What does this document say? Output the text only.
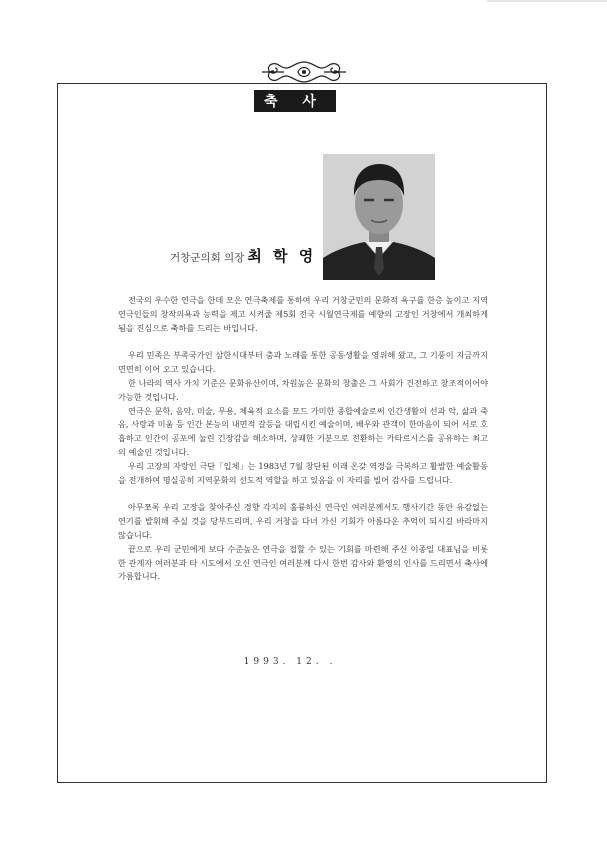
축 사
거창군의회 의장 최 학 영

전국의 우수한 연극을 한데 모은 연극축제를 통하여 우리 거창군민의 문화적 욕구를 한층 높이고 지역 연극인들의 창작의욕과 능력을 제고 시켜줄 제5회 전국 시월연극제를 예향의 고장인 거창에서 개최하게 됨을 진심으로 축하를 드리는 바입니다.

우리 민족은 부족국가인 삼한시대부터 춤과 노래를 통한 공동생활을 영위해 왔고, 그 기풍이 지금까지 면면히 이어 오고 있습니다.

한 나라의 역사 가치 기준은 문화유산이며, 차원높은 문화의 창출은 그 사회가 건전하고 창조적이어야 가능한 것입니다.

연극은 문학, 음악, 미술, 무용, 체육적 요소를 모드 가미한 종합예술로써 인간생활의 선과 악, 삶과 죽음, 사랑과 미움 등 인간 본능의 내면적 갈등을 대립시킨 예술이며, 배우와 관객이 한마음이 되어 서로 호흡하고 인간이 공포에 눌린 긴장감을 해소하며, 상쾌한 기분으로 전환하는 카타르시스를 공유하는 최고의 예술인 것입니다.

우리 고장의 자랑인 극단「입체」는 1983년 7월 창단된 이래 온갖 역경을 극복하고 활발한 예술활동을 전개하여 명실공히 지역문화의 선도적 역할을 하고 있음을 이 자리를 빌어 감사를 드립니다.

아무쪼록 우리 고장을 찾아주신 경향 각지의 훌륭하신 연극인 여러분께서도 행사기간 동안 유감없는 연기를 발휘해 주실 것을 당부드리며, 우리 거창을 다녀 가신 기회가 아름다운 추억이 되시길 바라마지 않습니다.

끝으로 우리 군민에게 보다 수준높은 연극을 접할 수 있는 기회를 마련해 주신 이종일 대표님을 비롯한 관계자 여러분과 타 시도에서 오신 연극인 여러분께 다시 한번 감사와 환영의 인사를 드리면서 축사에 가름합니다.

1993. 12. .
